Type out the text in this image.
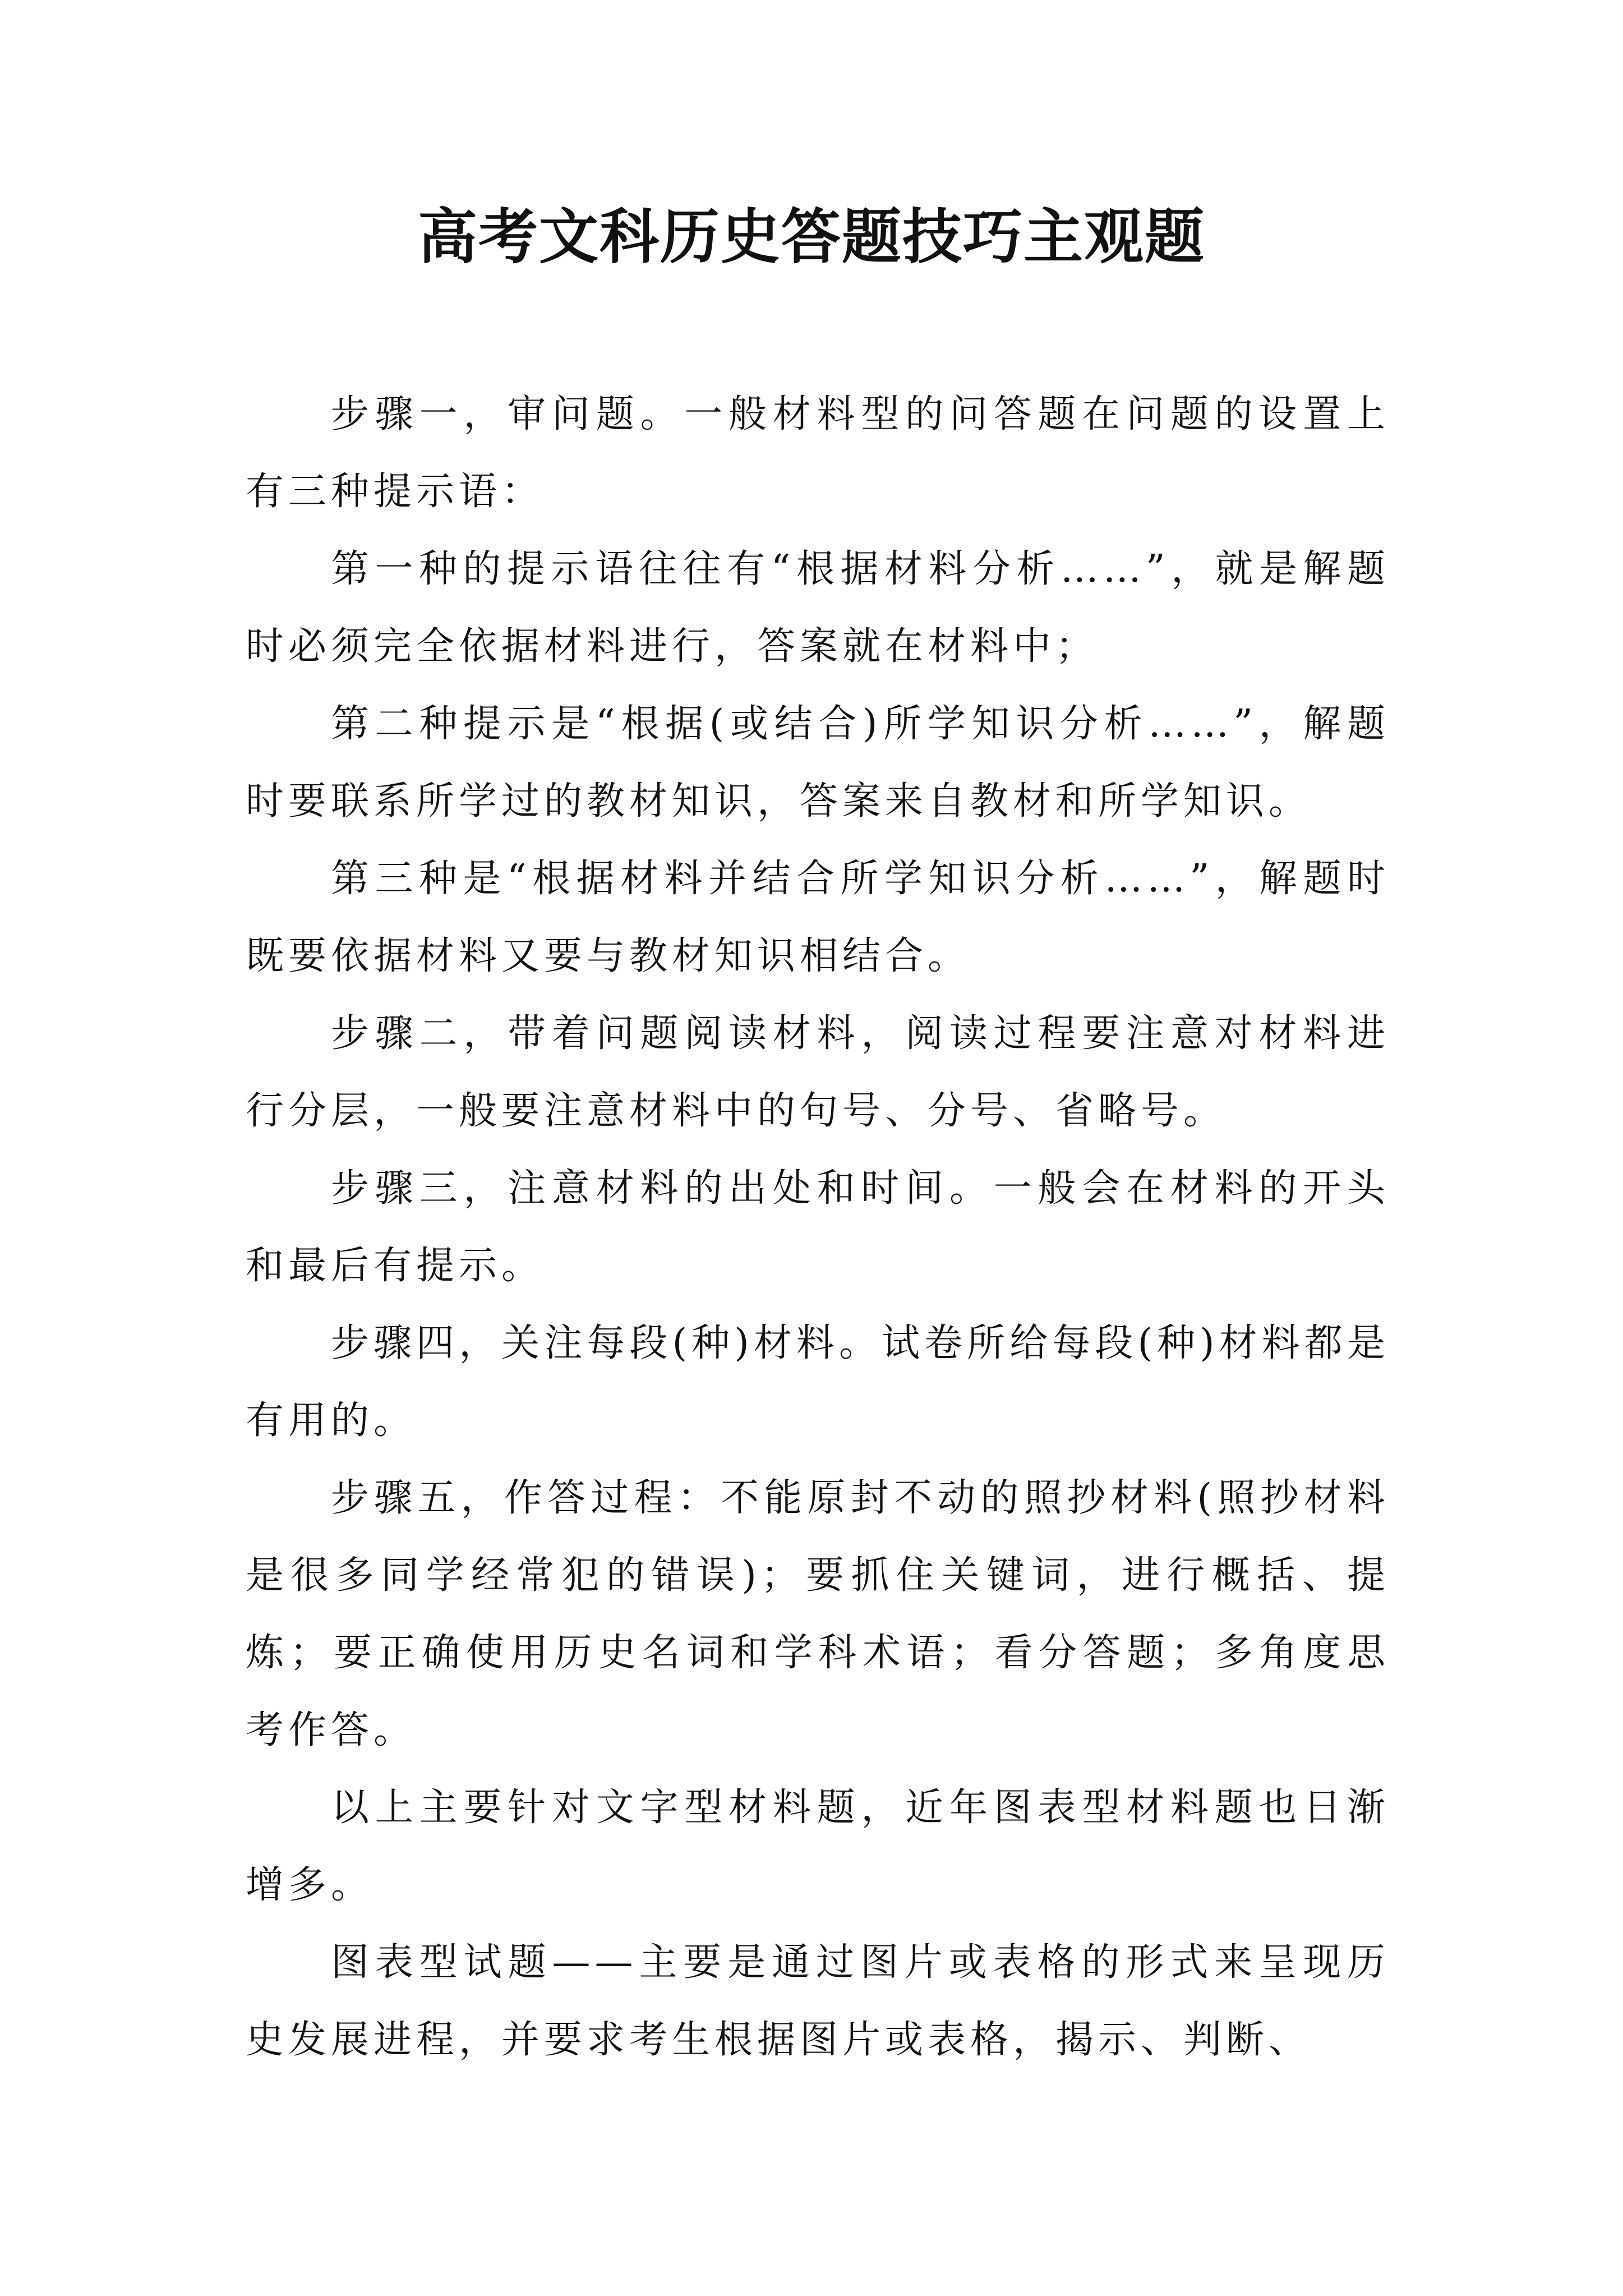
高考文科历史答题技巧主观题

步骤一，审问题。一般材料型的问答题在问题的设置上有三种提示语：

第一种的提示语往往有“根据材料分析……”，就是解题时必须完全依据材料进行，答案就在材料中；

第二种提示是“根据(或结合)所学知识分析……”，解题时要联系所学过的教材知识，答案来自教材和所学知识。

第三种是“根据材料并结合所学知识分析……”，解题时既要依据材料又要与教材知识相结合。

步骤二，带着问题阅读材料，阅读过程要注意对材料进行分层，一般要注意材料中的句号、分号、省略号。

步骤三，注意材料的出处和时间。一般会在材料的开头和最后有提示。

步骤四，关注每段(种)材料。试卷所给每段(种)材料都是有用的。

步骤五，作答过程：不能原封不动的照抄材料(照抄材料是很多同学经常犯的错误)；要抓住关键词，进行概括、提炼；要正确使用历史名词和学科术语；看分答题；多角度思考作答。

以上主要针对文字型材料题，近年图表型材料题也日渐增多。

图表型试题——主要是通过图片或表格的形式来呈现历史发展进程，并要求考生根据图片或表格，揭示、判断、
